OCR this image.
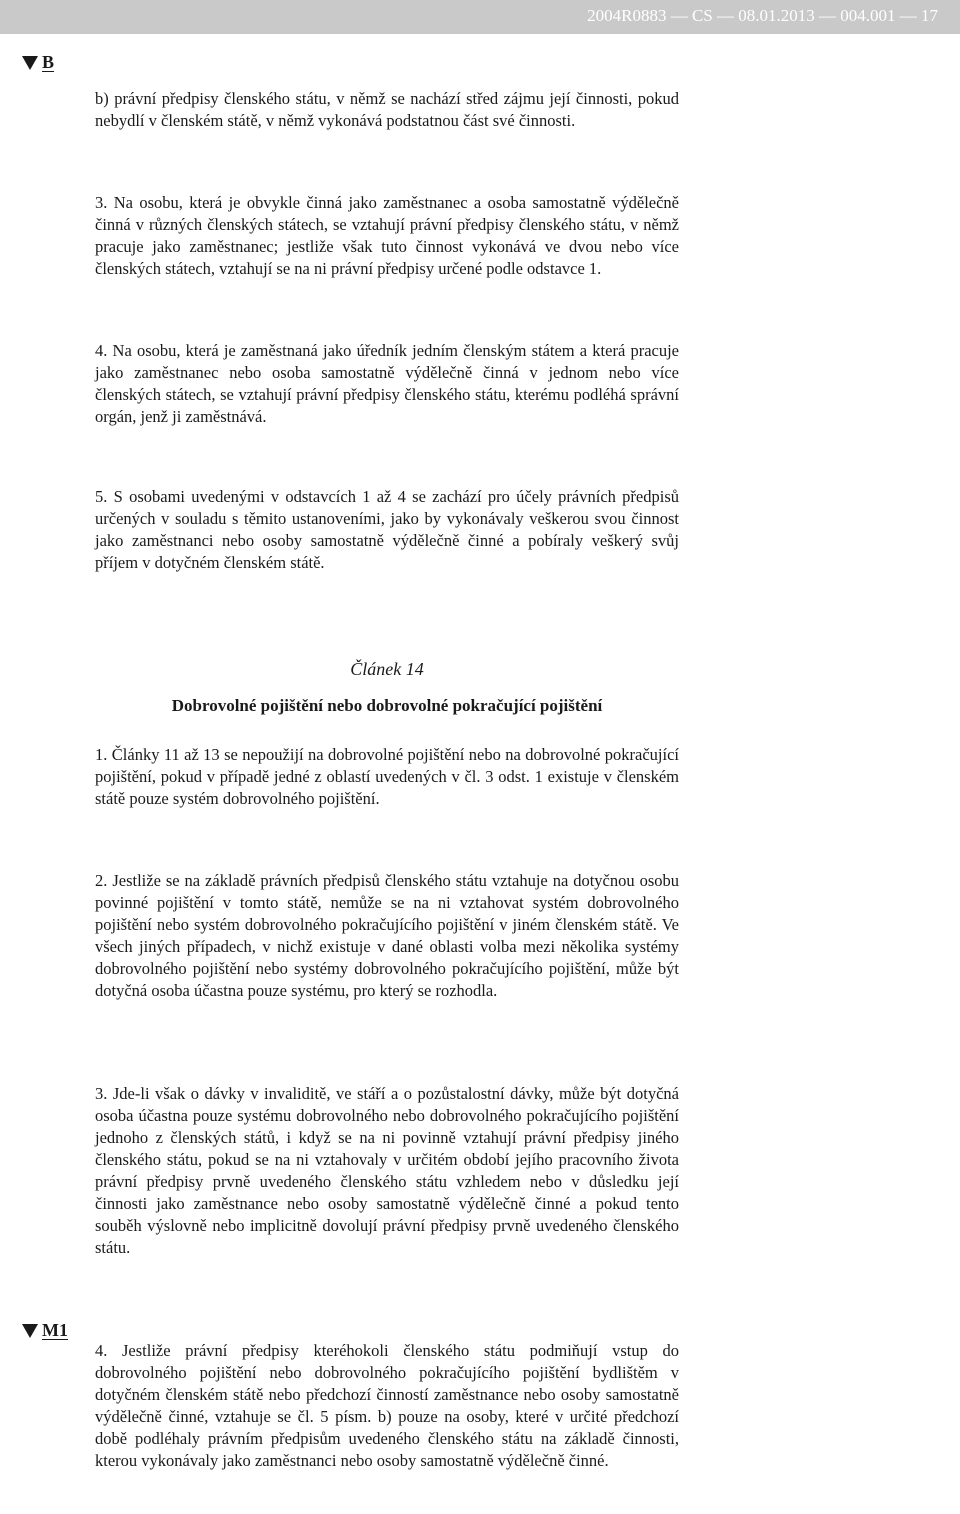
2004R0883 — CS — 08.01.2013 — 004.001 — 17
B

b) právní předpisy členského státu, v němž se nachází střed zájmu její činnosti, pokud nebydlí v členském státě, v němž vykonává podstatnou část své činnosti.

3. Na osobu, která je obvykle činná jako zaměstnanec a osoba samostatně výdělečně činná v různých členských státech, se vztahují právní předpisy členského státu, v němž pracuje jako zaměstnanec; jestliže však tuto činnost vykonává ve dvou nebo více členských státech, vztahují se na ni právní předpisy určené podle odstavce 1.

4. Na osobu, která je zaměstnaná jako úředník jedním členským státem a která pracuje jako zaměstnanec nebo osoba samostatně výdělečně činná v jednom nebo více členských státech, se vztahují právní předpisy členského státu, kterému podléhá správní orgán, jenž ji zaměstnává.

5. S osobami uvedenými v odstavcích 1 až 4 se zachází pro účely právních předpisů určených v souladu s těmito ustanoveními, jako by vykonávaly veškerou svou činnost jako zaměstnanci nebo osoby samostatně výdělečně činné a pobíraly veškerý svůj příjem v dotyčném členském státě.

Článek 14

Dobrovolné pojištění nebo dobrovolné pokračující pojištění

1. Články 11 až 13 se nepoužijí na dobrovolné pojištění nebo na dobrovolné pokračující pojištění, pokud v případě jedné z oblastí uvedených v čl. 3 odst. 1 existuje v členském státě pouze systém dobrovolného pojištění.

2. Jestliže se na základě právních předpisů členského státu vztahuje na dotyčnou osobu povinné pojištění v tomto státě, nemůže se na ni vztahovat systém dobrovolného pojištění nebo systém dobrovolného pokračujícího pojištění v jiném členském státě. Ve všech jiných případech, v nichž existuje v dané oblasti volba mezi několika systémy dobrovolného pojištění nebo systémy dobrovolného pokračujícího pojištění, může být dotyčná osoba účastna pouze systému, pro který se rozhodla.

3. Jde-li však o dávky v invaliditě, ve stáří a o pozůstalostní dávky, může být dotyčná osoba účastna pouze systému dobrovolného nebo dobrovolného pokračujícího pojištění jednoho z členských států, i když se na ni povinně vztahují právní předpisy jiného členského státu, pokud se na ni vztahovaly v určitém období jejího pracovního života právní předpisy prvně uvedeného členského státu vzhledem nebo v důsledku její činnosti jako zaměstnance nebo osoby samostatně výdělečně činné a pokud tento souběh výslovně nebo implicitně dovolují právní předpisy prvně uvedeného členského státu.

M1

4. Jestliže právní předpisy kteréhokoli členského státu podmiňují vstup do dobrovolného pojištění nebo dobrovolného pokračujícího pojištění bydlištěm v dotyčném členském státě nebo předchozí činností zaměstnance nebo osoby samostatně výdělečně činné, vztahuje se čl. 5 písm. b) pouze na osoby, které v určité předchozí době podléhaly právním předpisům uvedeného členského státu na základě činnosti, kterou vykonávaly jako zaměstnanci nebo osoby samostatně výdělečně činné.
